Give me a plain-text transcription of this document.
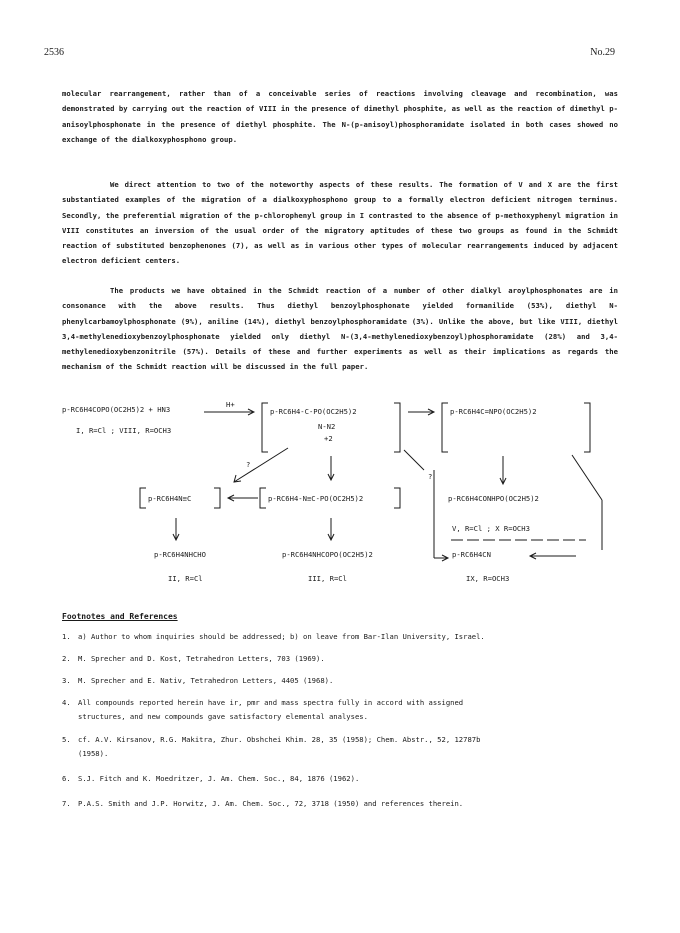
2536	No.29

molecular rearrangement, rather than of a conceivable series of reactions involving cleavage and recombination, was demonstrated by carrying out the reaction of VIII in the presence of dimethyl phosphite, as well as the reaction of dimethyl p-anisoylphosphonate in the presence of diethyl phosphite. The N-(p-anisoyl)phosphoramidate isolated in both cases showed no exchange of the dialkoxyphosphono group.

We direct attention to two of the noteworthy aspects of these results. The formation of V and X are the first substantiated examples of the migration of a dialkoxyphosphono group to a formally electron deficient nitrogen terminus. Secondly, the preferential migration of the p-chlorophenyl group in I contrasted to the absence of p-methoxyphenyl migration in VIII constitutes an inversion of the usual order of the migratory aptitudes of these two groups as found in the Schmidt reaction of substituted benzophenones (7), as well as in various other types of molecular rearrangements induced by adjacent electron deficient centers.

The products we have obtained in the Schmidt reaction of a number of other dialkyl aroylphosphonates are in consonance with the above results. Thus diethyl benzoylphosphonate yielded formanilide (53%), diethyl N-phenylcarbamoylphosphonate (9%), aniline (14%), diethyl benzoylphosphoramidate (3%). Unlike the above, but like VIII, diethyl 3,4-methylenedioxybenzoylphosphonate yielded only diethyl N-(3,4-methylenedioxybenzoyl)phosphoramidate (28%) and 3,4-methylenedioxybenzonitrile (57%). Details of these and further experiments as well as their implications as regards the mechanism of the Schmidt reaction will be discussed in the full paper.

p-RC6H4COPO(OC2H5)2 + HN3
H+
I, R=Cl ; VIII, R=OCH3
p-RC6H4-C-PO(OC2H5)2
N-N2
+2
p-RC6H4C=NPO(OC2H5)2
?
?
p-RC6H4N≡C	p-RC6H4-N≡C-PO(OC2H5)2	p-RC6H4CONHPO(OC2H5)2
V, R=Cl ; X R=OCH3
p-RC6H4NHCHO
II, R=Cl
p-RC6H4NHCOPO(OC2H5)2
III, R=Cl
p-RC6H4CN
IX, R=OCH3
Footnotes and References

1. a) Author to whom inquiries should be addressed; b) on leave from Bar-Ilan University, Israel.

2. M. Sprecher and D. Kost, Tetrahedron Letters, 703 (1969).

3. M. Sprecher and E. Nativ, Tetrahedron Letters, 4405 (1968).

4. All compounds reported herein have ir, pmr and mass spectra fully in accord with assigned
structures, and new compounds gave satisfactory elemental analyses.

5. cf. A.V. Kirsanov, R.G. Makitra, Zhur. Obshchei Khim. 28, 35 (1958); Chem. Abstr., 52, 12787b
(1958).

6. S.J. Fitch and K. Moedritzer, J. Am. Chem. Soc., 84, 1876 (1962).

7. P.A.S. Smith and J.P. Horwitz, J. Am. Chem. Soc., 72, 3718 (1950) and references therein.
